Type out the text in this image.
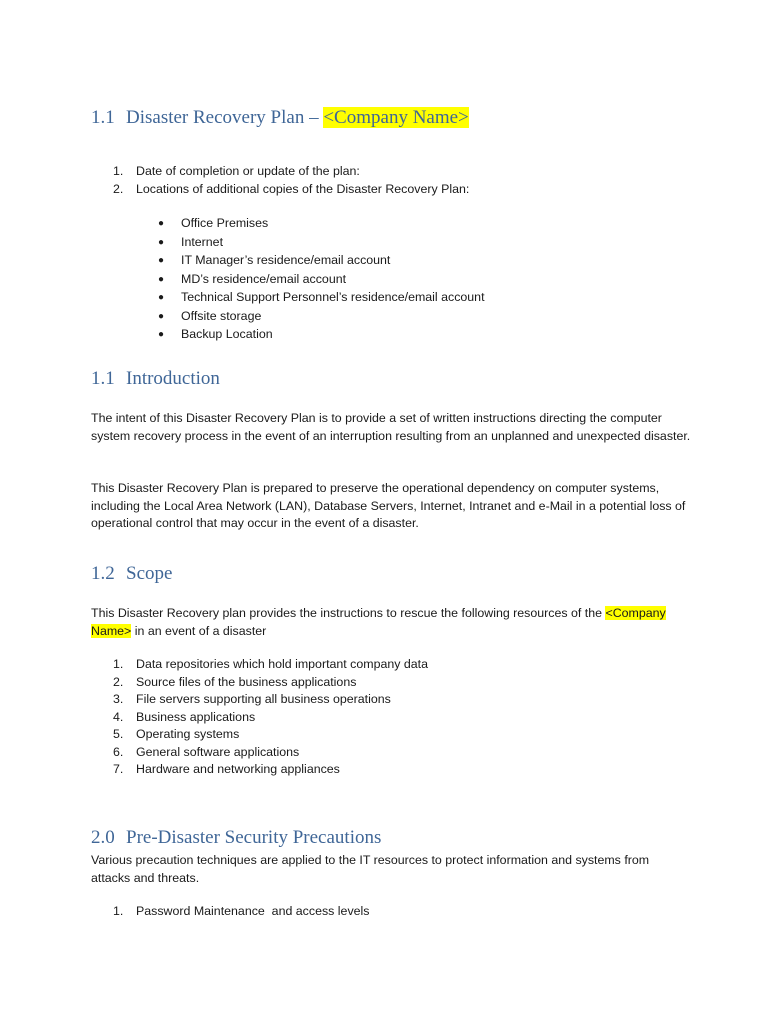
1.1 Disaster Recovery Plan – <Company Name>
1. Date of completion or update of the plan:
2. Locations of additional copies of the Disaster Recovery Plan:
● Office Premises
● Internet
● IT Manager’s residence/email account
● MD’s residence/email account
● Technical Support Personnel’s residence/email account
● Offsite storage
● Backup Location
1.1 Introduction
The intent of this Disaster Recovery Plan is to provide a set of written instructions directing the computer system recovery process in the event of an interruption resulting from an unplanned and unexpected disaster.
This Disaster Recovery Plan is prepared to preserve the operational dependency on computer systems, including the Local Area Network (LAN), Database Servers, Internet, Intranet and e-Mail in a potential loss of operational control that may occur in the event of a disaster.
1.2 Scope
This Disaster Recovery plan provides the instructions to rescue the following resources of the <Company
Name> in an event of a disaster
1. Data repositories which hold important company data
2. Source files of the business applications
3. File servers supporting all business operations
4. Business applications
5. Operating systems
6. General software applications
7. Hardware and networking appliances
2.0 Pre-Disaster Security Precautions
Various precaution techniques are applied to the IT resources to protect information and systems from attacks and threats.
1. Password Maintenance  and access levels
